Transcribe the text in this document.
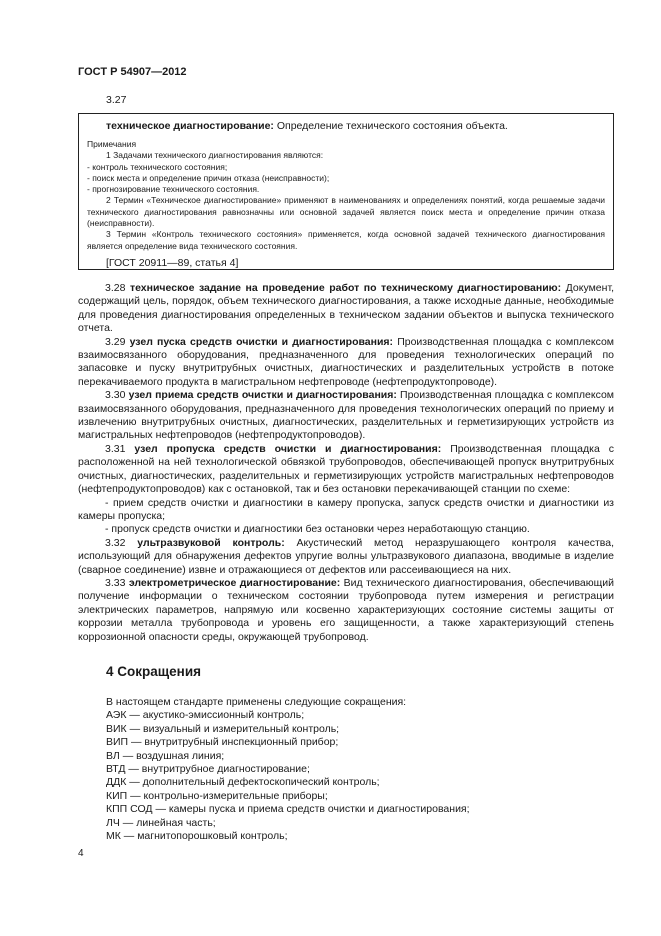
ГОСТ Р 54907—2012
3.27
техническое диагностирование: Определение технического состояния объекта.
Примечания
1 Задачами технического диагностирования являются:
- контроль технического состояния;
- поиск места и определение причин отказа (неисправности);
- прогнозирование технического состояния.
2 Термин «Техническое диагностирование» применяют в наименованиях и определениях понятий, когда решаемые задачи технического диагностирования равнозначны или основной задачей является поиск места и определение причин отказа (неисправности).
3 Термин «Контроль технического состояния» применяется, когда основной задачей технического диагностирования является определение вида технического состояния.
[ГОСТ 20911—89, статья 4]

3.28 техническое задание на проведение работ по техническому диагностированию: Документ, содержащий цель, порядок, объем технического диагностирования, а также исходные данные, необходимые для проведения диагностирования определенных в техническом задании объектов и выпуска технического отчета.

3.29 узел пуска средств очистки и диагностирования: Производственная площадка с комплексом взаимосвязанного оборудования, предназначенного для проведения технологических операций по запасовке и пуску внутритрубных очистных, диагностических и разделительных устройств в потоке перекачиваемого продукта в магистральном нефтепроводе (нефтепродуктопроводе).

3.30 узел приема средств очистки и диагностирования: Производственная площадка с комплексом взаимосвязанного оборудования, предназначенного для проведения технологических операций по приему и извлечению внутритрубных очистных, диагностических, разделительных и герметизирующих устройств из магистральных нефтепроводов (нефтепродуктопроводов).

3.31 узел пропуска средств очистки и диагностирования: Производственная площадка с расположенной на ней технологической обвязкой трубопроводов, обеспечивающей пропуск внутритрубных очистных, диагностических, разделительных и герметизирующих устройств магистральных нефтепроводов (нефтепродуктопроводов) как с остановкой, так и без остановки перекачивающей станции по схеме:

- прием средств очистки и диагностики в камеру пропуска, запуск средств очистки и диагностики из камеры пропуска;

- пропуск средств очистки и диагностики без остановки через неработающую станцию.

3.32 ультразвуковой контроль: Акустический метод неразрушающего контроля качества, использующий для обнаружения дефектов упругие волны ультразвукового диапазона, вводимые в изделие (сварное соединение) извне и отражающиеся от дефектов или рассеивающиеся на них.

3.33 электрометрическое диагностирование: Вид технического диагностирования, обеспечивающий получение информации о техническом состоянии трубопровода путем измерения и регистрации электрических параметров, напрямую или косвенно характеризующих состояние системы защиты от коррозии металла трубопровода и уровень его защищенности, а также характеризующий степень коррозионной опасности среды, окружающей трубопровод.

4 Сокращения
В настоящем стандарте применены следующие сокращения:
АЭК — акустико-эмиссионный контроль;
ВИК — визуальный и измерительный контроль;
ВИП — внутритрубный инспекционный прибор;
ВЛ — воздушная линия;
ВТД — внутритрубное диагностирование;
ДДК — дополнительный дефектоскопический контроль;
КИП — контрольно-измерительные приборы;
КПП СОД — камеры пуска и приема средств очистки и диагностирования;
ЛЧ — линейная часть;
МК — магнитопорошковый контроль;
4
